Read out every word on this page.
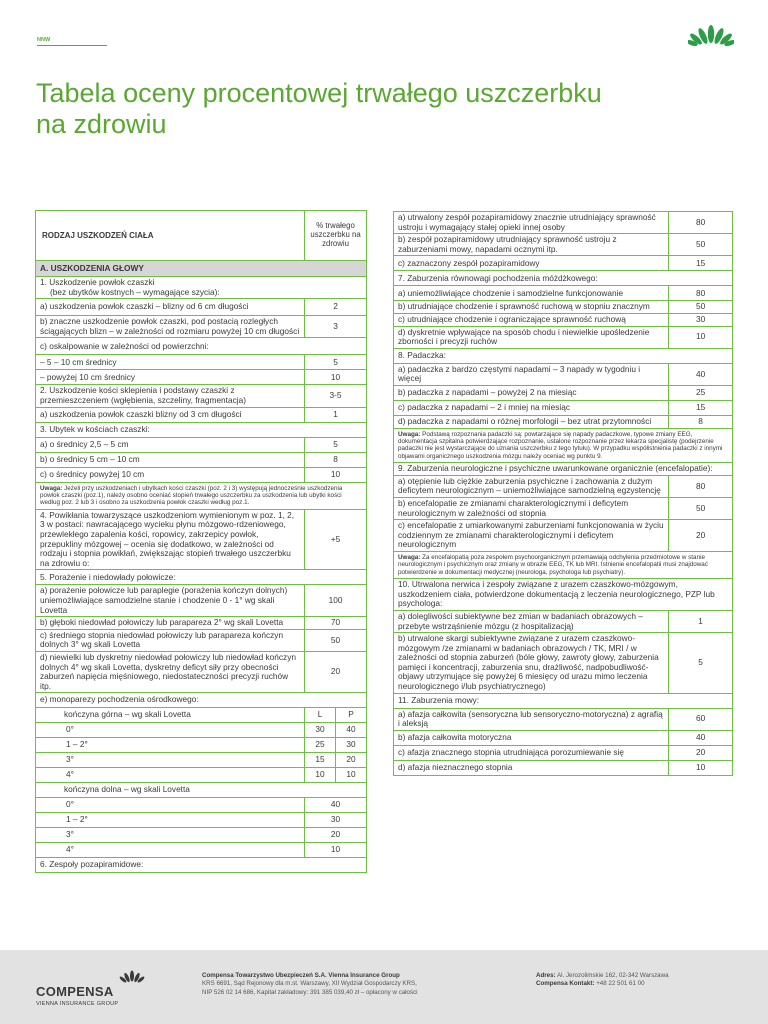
NNW
Tabela oceny procentowej trwałego uszczerbku na zdrowiu
RODZAJ USZKODZEŃ CIAŁA	% trwałego uszczerbku na zdrowiu	
A. USZKODZENIA GŁOWY		
1. Uszkodzenie powłok czaszki
(bez ubytków kostnych – wymagające szycia):		

a) uszkodzenia powłok czaszki – blizny od 6 cm długości	2	
b) znaczne uszkodzenie powłok czaszki, pod postacią rozległych ściągających blizn – w zależności od rozmiaru powyżej 10 cm długości	3	
c) oskalpowanie w zależności od powierzchni:		
– 5 – 10 cm średnicy	5	
– powyżej 10 cm średnicy	10	
2. Uszkodzenie kości sklepienia i podstawy czaszki z przemieszczeniem (wgłębienia, szczeliny, fragmentacja)	3-5	
a) uszkodzenia powłok czaszki blizny od 3 cm długości	1	
3. Ubytek w kościach czaszki:		
a) o średnicy 2,5 – 5 cm	5	
b) o średnicy 5 cm – 10 cm	8	
c) o średnicy powyżej 10 cm	10	
Uwaga: Jeżeli przy uszkodzeniach i ubytkach kości czaszki (poz. 2 i 3) występują jednocześnie uszkodzenia powłok czaszki (poz.1), należy osobno oceniać stopień trwałego uszczerbku za uszkodzenia lub ubytki kości według poz. 2 lub 3 i osobno za uszkodzenia powłok czaszki według poz.1.		
4. Powikłania towarzyszące uszkodzeniom wymienionym w poz. 1, 2, 3 w postaci: nawracającego wycieku płynu mózgowo-rdzeniowego, przewlekłego zapalenia kości, ropowicy, zakrzepicy powłok, przepukliny mózgowej – ocenia się dodatkowo, w zależności od rodzaju i stopnia powikłań, zwiększając stopień trwałego uszczerbku na zdrowiu o:	+5	
5. Porażenie i niedowłady połowicze:		
a) porażenie połowicze lub paraplegie (porażenia kończyn dolnych) uniemożliwiające samodzielne stanie i chodzenie 0 - 1° wg skali Lovetta	100	
b) głęboki niedowład połowiczy lub parapareza 2° wg skali Lovetta	70	
c) średniego stopnia niedowład połowiczy lub parapareza kończyn dolnych 3° wg skali Lovetta	50	
d) niewielki lub dyskretny niedowład połowiczy lub niedowład kończyn dolnych 4° wg skali Lovetta, dyskretny deficyt siły przy obecności zaburzeń napięcia mięśniowego, niedostateczności precyzji ruchów itp.	20	
e) monoparezy pochodzenia ośrodkowego:		
kończyna górna – wg skali Lovetta	L	P
0°	30	40
1 – 2°	25	30
3°	15	20
4°	10	10
kończyna dolna – wg skali Lovetta		
0°	40	
1 – 2°	30	
3°	20	
4°	10	
6. Zespoły pozapiramidowe:		
a) utrwalony zespół pozapiramidowy znacznie utrudniający sprawność ustroju i wymagający stałej opieki innej osoby	80
b) zespół pozapiramidowy utrudniający sprawność ustroju z zaburzeniami mowy, napadami ocznymi itp.	50
c) zaznaczony zespół pozapiramidowy	15
7. Zaburzenia równowagi pochodzenia móżdżkowego:	
a) uniemożliwiające chodzenie i samodzielne funkcjonowanie	80
b) utrudniające chodzenie i sprawność ruchową w stopniu znacznym	50
c) utrudniające chodzenie i ograniczające sprawność ruchową	30
d) dyskretnie wpływające na sposób chodu i niewielkie upośledzenie zborności i precyzji ruchów	10
8. Padaczka:	
a) padaczka z bardzo częstymi napadami – 3 napady w tygodniu i więcej	40
b) padaczka z napadami – powyżej 2 na miesiąc	25
c) padaczka z napadami – 2 i mniej na miesiąc	15
d) padaczka z napadami o różnej morfologii – bez utrat przytomności	8
Uwaga: Podstawą rozpoznania padaczki są: powtarzające się napady padaczkowe, typowe zmiany EEG, dokumentacja szpitalna potwierdzające rozpoznanie, ustalone rozpoznanie przez lekarza specjalistę (podejrzenie padaczki nie jest wystarczające do uznania uszczerbku z tego tytułu). W przypadku współistnienia padaczki z innymi objawami organicznego uszkodzenia mózgu należy oceniać wg punktu 9.	
9. Zaburzenia neurologiczne i psychiczne uwarunkowane organicznie (encefalopatie):	
a) otępienie lub ciężkie zaburzenia psychiczne i zachowania z dużym deficytem neurologicznym – uniemożliwiające samodzielną egzystencję	80
b) encefalopatie ze zmianami charakterologicznymi i deficytem neurologicznym w zależności od stopnia	50
c) encefalopatie z umiarkowanymi zaburzeniami funkcjonowania w życiu codziennym ze zmianami charakterologicznymi i deficytem neurologicznym	20
Uwaga: Za encefalopatią poza zespołem psychoorganicznym przemawiają odchylenia przedmiotowe w stanie neurologicznym i psychicznym oraz zmiany w obrazie EEG, TK lub MRI. Istnienie encefalopatii musi znajdować potwierdzenie w dokumentacji medycznej (neurologa, psychologa lub psychiatry).	
10. Utrwalona nerwica i zespoły związane z urazem czaszkowo-mózgowym, uszkodzeniem ciała, potwierdzone dokumentacją z leczenia neurologicznego, PZP lub psychologa:	
a) dolegliwości subiektywne bez zmian w badaniach obrazowych – przebyte wstrząśnienie mózgu (z hospitalizacją)	1
b) utrwalone skargi subiektywne związane z urazem czaszkowo-mózgowym /ze zmianami w badaniach obrazowych / TK, MRI / w zależności od stopnia zaburzeń (bóle głowy, zawroty głowy, zaburzenia pamięci i koncentracji, zaburzenia snu, drażliwość, nadpobudliwość-objawy utrzymujące się powyżej 6 miesięcy od urazu mimo leczenia neurologicznego i/lub psychiatrycznego)	5
11. Zaburzenia mowy:	
a) afazja całkowita (sensoryczna lub sensoryczno-motoryczna) z agrafią i aleksją	60
b) afazja całkowita motoryczna	40
c) afazja znacznego stopnia utrudniająca porozumiewanie się	20
d) afazja nieznacznego stopnia	10
COMPENSA
VIENNA INSURANCE GROUP
Compensa Towarzystwo Ubezpieczeń S.A. Vienna Insurance Group
KRS 6691, Sąd Rejonowy dla m.st. Warszawy, XII Wydział Gospodarczy KRS,
NIP 526 02 14 686, Kapitał zakładowy: 391 385 039,40 zł – opłacony w całości
Adres: Al. Jerozolimskie 162, 02-342 Warszawa
Compensa Kontakt: +48 22 501 61 00
